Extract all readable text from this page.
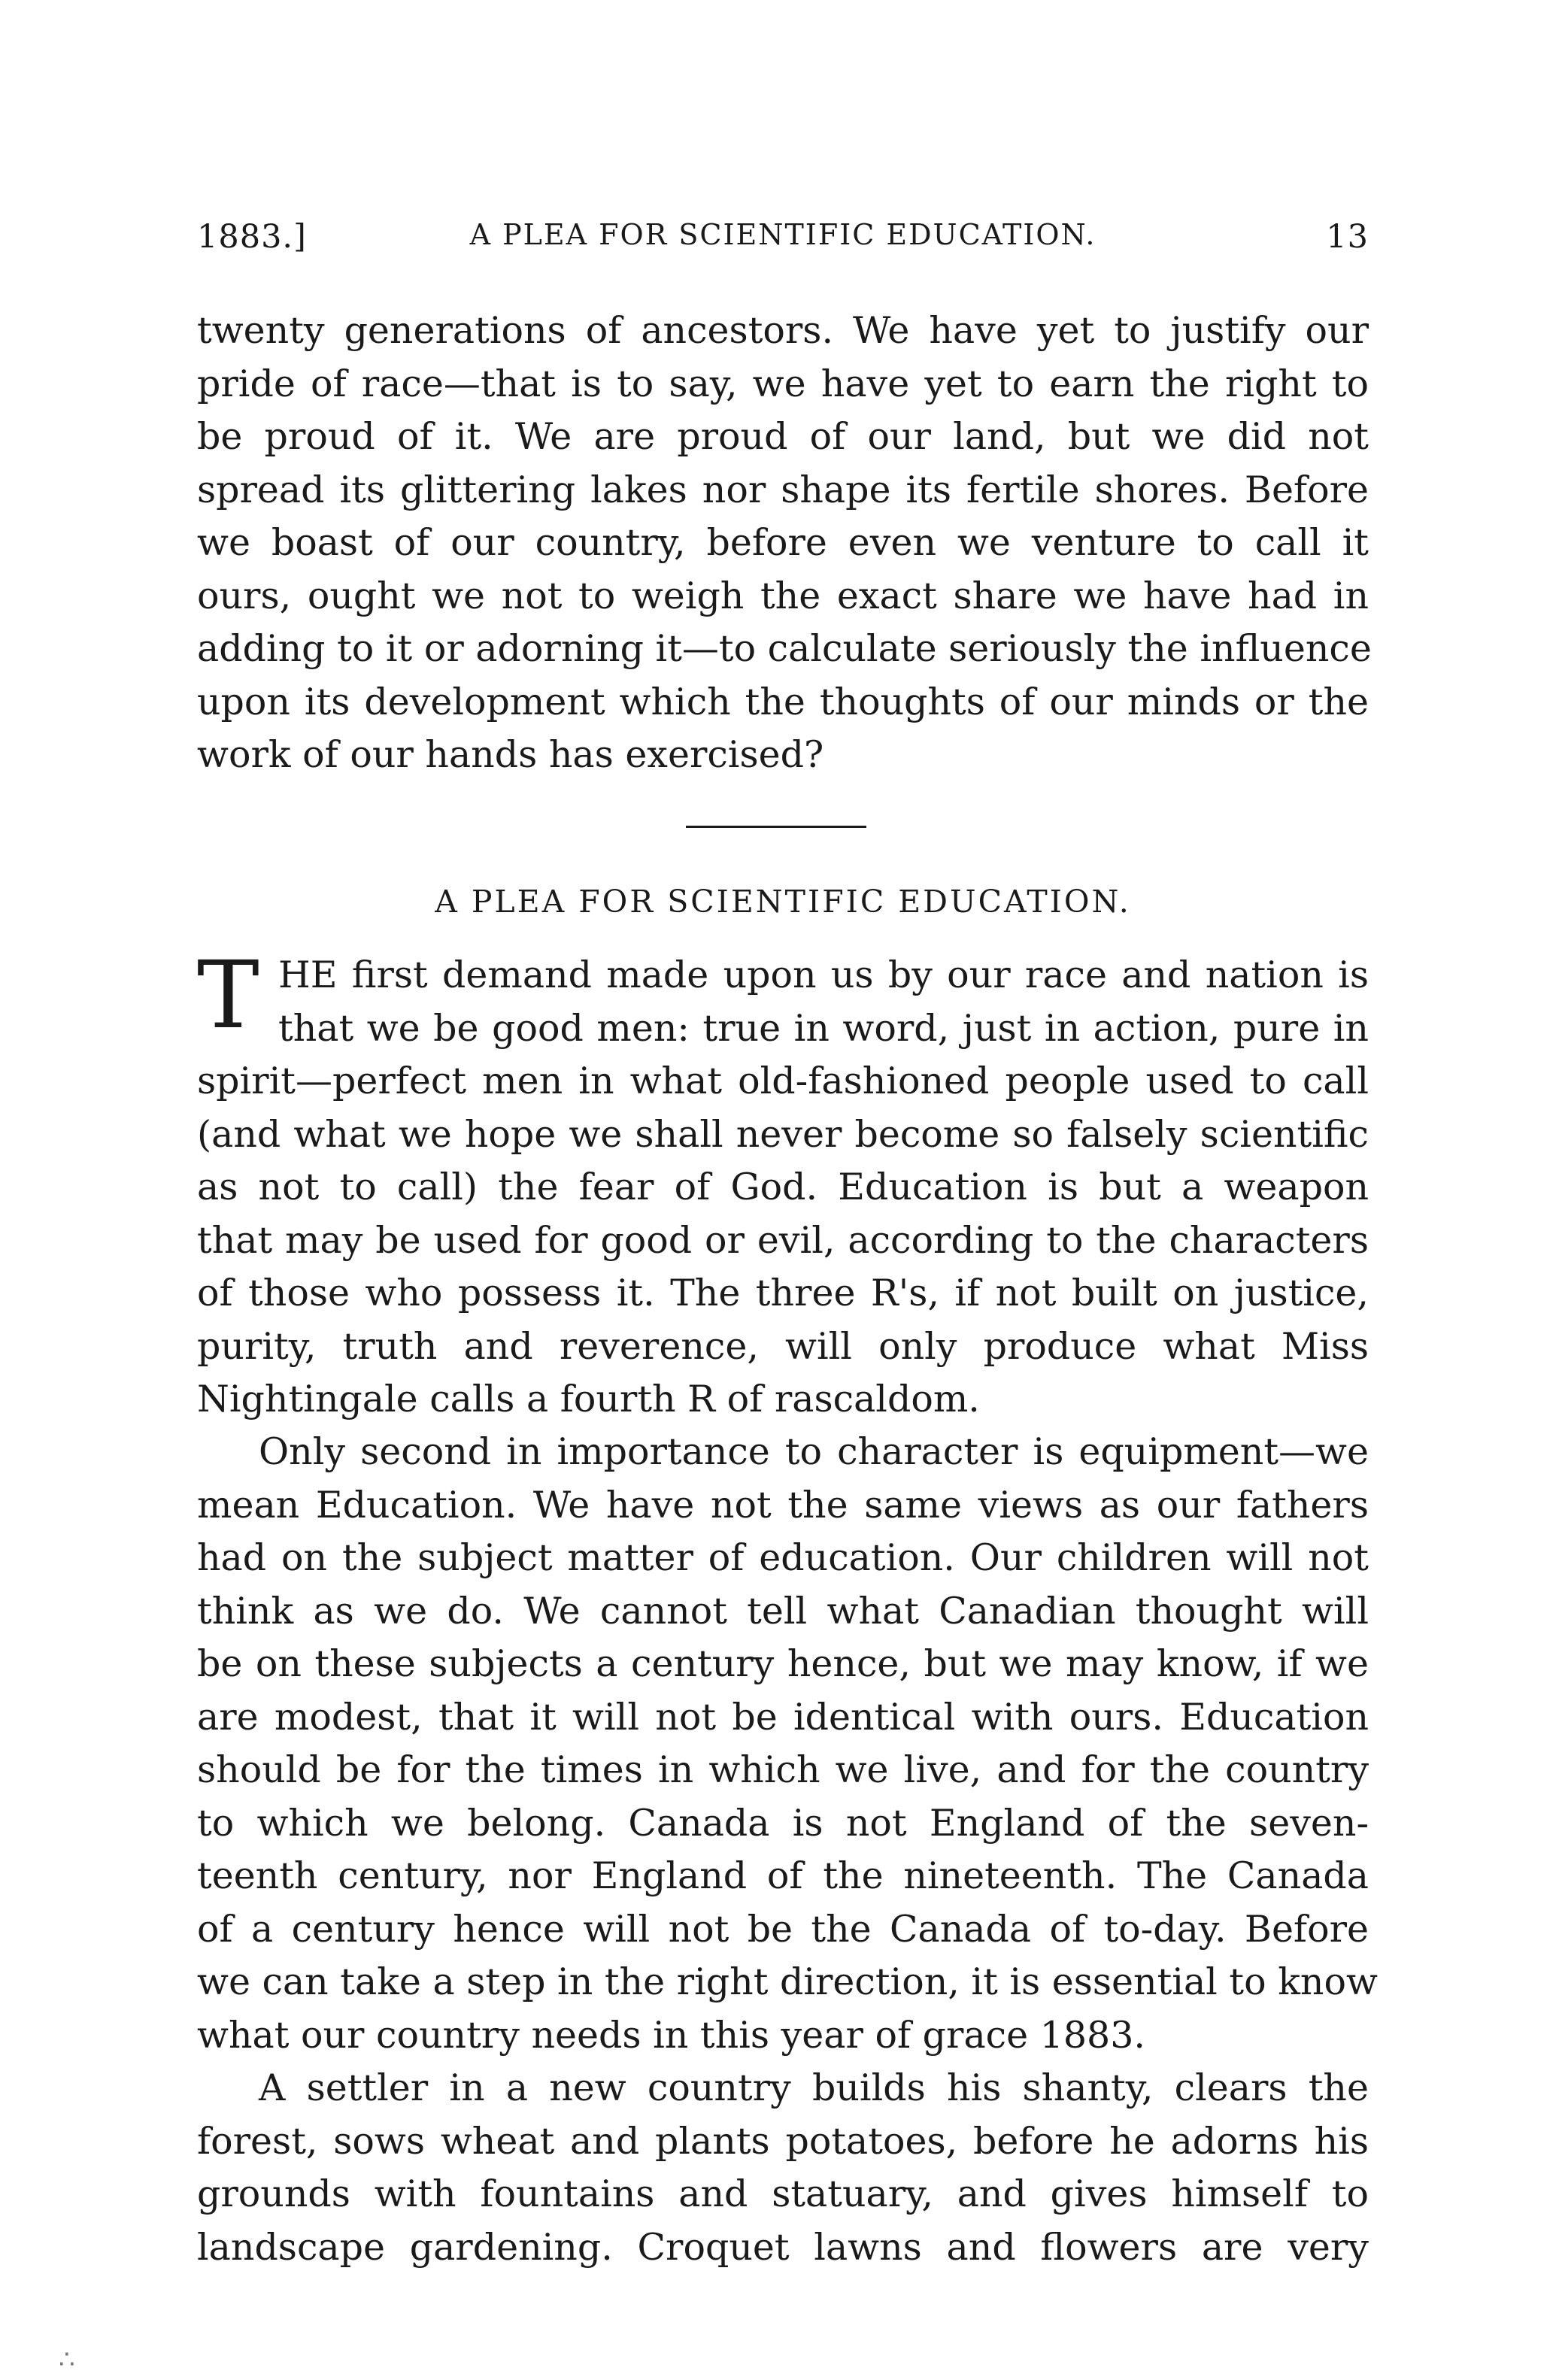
1883.]	A PLEA FOR SCIENTIFIC EDUCATION.	13
twenty generations of ancestors. We have yet to justify our
pride of race—that is to say, we have yet to earn the right to
be proud of it. We are proud of our land, but we did not
spread its glittering lakes nor shape its fertile shores. Before
we boast of our country, before even we venture to call it
ours, ought we not to weigh the exact share we have had in
adding to it or adorning it—to calculate seriously the influence
upon its development which the thoughts of our minds or the
work of our hands has exercised?
A PLEA FOR SCIENTIFIC EDUCATION.
T HE first demand made upon us by our race and nation is
that we be good men: true in word, just in action, pure in
spirit—perfect men in what old-fashioned people used to call
(and what we hope we shall never become so falsely scientific
as not to call) the fear of God. Education is but a weapon
that may be used for good or evil, according to the characters
of those who possess it. The three R's, if not built on justice,
purity, truth and reverence, will only produce what Miss
Nightingale calls a fourth R of rascaldom.
Only second in importance to character is equipment—we
mean Education. We have not the same views as our fathers
had on the subject matter of education. Our children will not
think as we do. We cannot tell what Canadian thought will
be on these subjects a century hence, but we may know, if we
are modest, that it will not be identical with ours. Education
should be for the times in which we live, and for the country
to which we belong. Canada is not England of the seven-
teenth century, nor England of the nineteenth. The Canada
of a century hence will not be the Canada of to-day. Before
we can take a step in the right direction, it is essential to know
what our country needs in this year of grace 1883.
A settler in a new country builds his shanty, clears the
forest, sows wheat and plants potatoes, before he adorns his
grounds with fountains and statuary, and gives himself to
landscape gardening. Croquet lawns and flowers are very
∴
